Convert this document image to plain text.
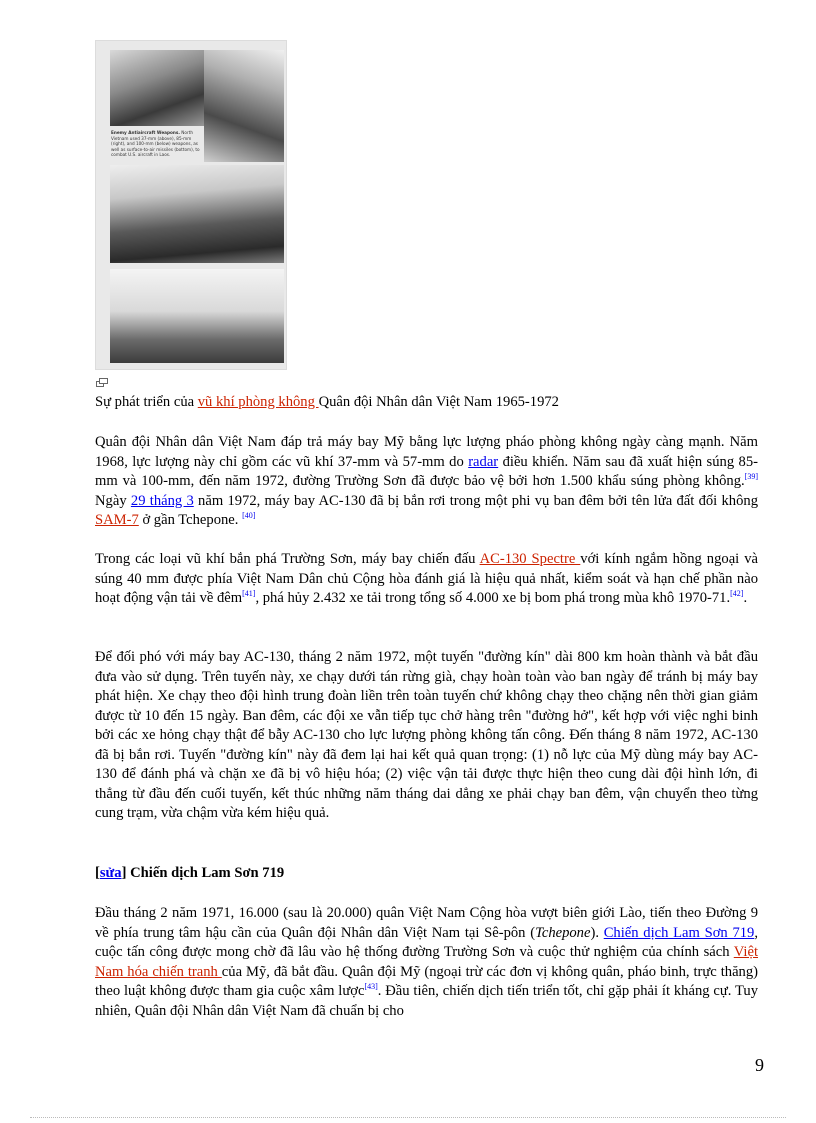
Enemy Antiaircraft Weapons. North Vietnam used 37-mm (above), 85-mm (right), and 100-mm (below) weapons, as well as surface-to-air missiles (bottom), to combat U.S. aircraft in Laos.
Sự phát triển của vũ khí phòng không Quân đội Nhân dân Việt Nam 1965-1972

Quân đội Nhân dân Việt Nam đáp trả máy bay Mỹ bằng lực lượng pháo phòng không ngày càng mạnh. Năm 1968, lực lượng này chỉ gồm các vũ khí 37-mm và 57-mm do radar điều khiển. Năm sau đã xuất hiện súng 85-mm và 100-mm, đến năm 1972, đường Trường Sơn đã được bảo vệ bởi hơn 1.500 khẩu súng phòng không.[39] Ngày 29 tháng 3 năm 1972, máy bay AC-130 đã bị bắn rơi trong một phi vụ ban đêm bởi tên lửa đất đối không SAM-7 ở gần Tchepone. [40]

Trong các loại vũ khí bắn phá Trường Sơn, máy bay chiến đấu AC-130 Spectre với kính ngắm hồng ngoại và súng 40 mm được phía Việt Nam Dân chủ Cộng hòa đánh giá là hiệu quả nhất, kiểm soát và hạn chế phần nào hoạt động vận tải về đêm[41], phá hủy 2.432 xe tải trong tổng số 4.000 xe bị bom phá trong mùa khô 1970-71.[42].

Để đối phó với máy bay AC-130, tháng 2 năm 1972, một tuyến "đường kín" dài 800 km hoàn thành và bắt đầu đưa vào sử dụng. Trên tuyến này, xe chạy dưới tán rừng già, chạy hoàn toàn vào ban ngày để tránh bị máy bay phát hiện. Xe chạy theo đội hình trung đoàn liền trên toàn tuyến chứ không chạy theo chặng nên thời gian giảm được từ 10 đến 15 ngày. Ban đêm, các đội xe vẫn tiếp tục chở hàng trên "đường hở", kết hợp với việc nghi binh bởi các xe hỏng chạy thật để bẫy AC-130 cho lực lượng phòng không tấn công. Đến tháng 8 năm 1972, AC-130 đã bị bắn rơi. Tuyến "đường kín" này đã đem lại hai kết quả quan trọng: (1) nỗ lực của Mỹ dùng máy bay AC-130 để đánh phá và chặn xe đã bị vô hiệu hóa; (2) việc vận tải được thực hiện theo cung dài đội hình lớn, đi thẳng từ đầu đến cuối tuyến, kết thúc những năm tháng dai dẳng xe phải chạy ban đêm, vận chuyển theo từng cung trạm, vừa chậm vừa kém hiệu quả.

[sửa] Chiến dịch Lam Sơn 719

Đầu tháng 2 năm 1971, 16.000 (sau là 20.000) quân Việt Nam Cộng hòa vượt biên giới Lào, tiến theo Đường 9 về phía trung tâm hậu cần của Quân đội Nhân dân Việt Nam tại Sê-pôn (Tchepone). Chiến dịch Lam Sơn 719, cuộc tấn công được mong chờ đã lâu vào hệ thống đường Trường Sơn và cuộc thử nghiệm của chính sách Việt Nam hóa chiến tranh của Mỹ, đã bắt đầu. Quân đội Mỹ (ngoại trừ các đơn vị không quân, pháo binh, trực thăng) theo luật không được tham gia cuộc xâm lược[43]. Đầu tiên, chiến dịch tiến triển tốt, chỉ gặp phải ít kháng cự. Tuy nhiên, Quân đội Nhân dân Việt Nam đã chuẩn bị cho

9
